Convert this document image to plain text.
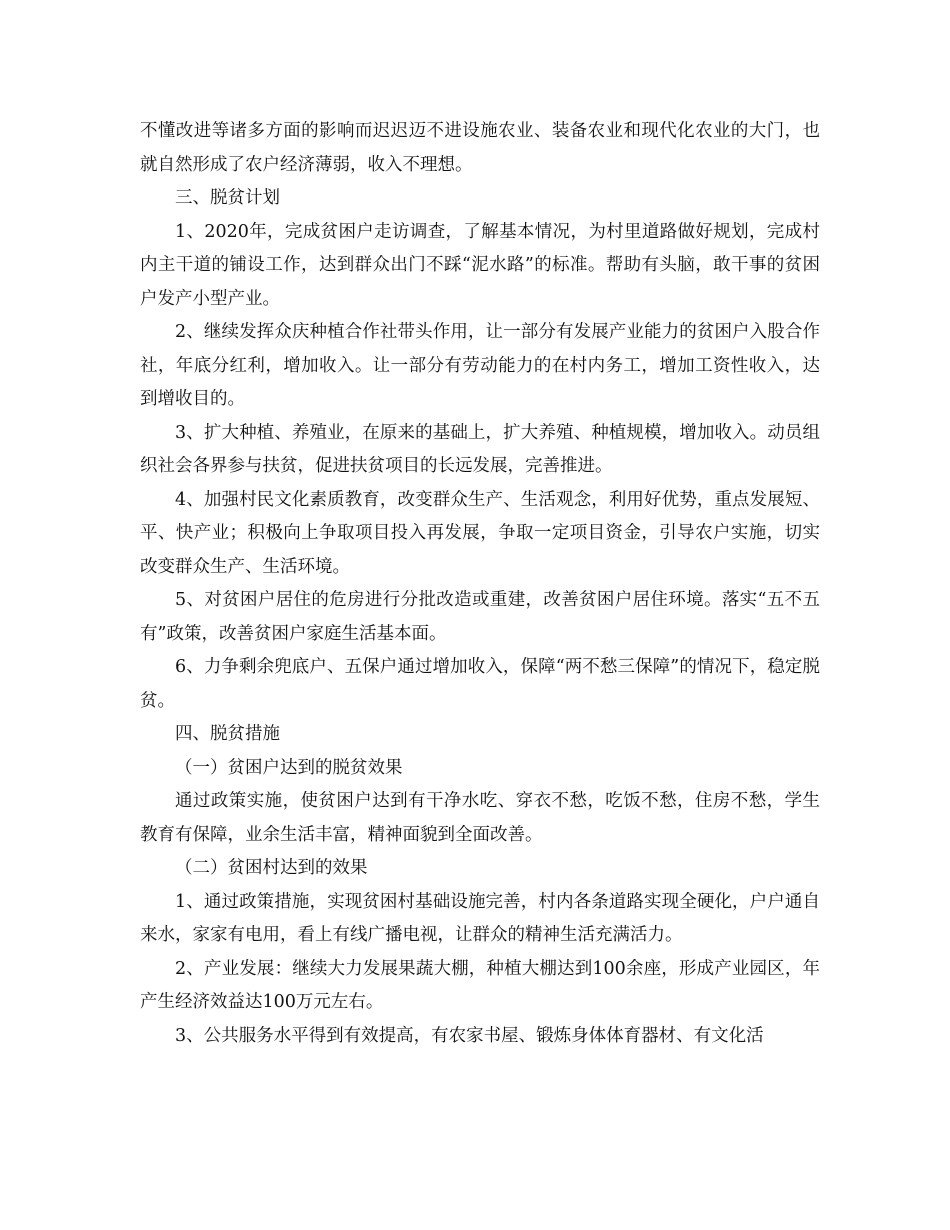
不懂改进等诸多方面的影响而迟迟迈不进设施农业、装备农业和现代化农业的大门，也就自然形成了农户经济薄弱，收入不理想。

三、脱贫计划

1、2020年，完成贫困户走访调查，了解基本情况，为村里道路做好规划，完成村内主干道的铺设工作，达到群众出门不踩“泥水路”的标准。帮助有头脑，敢干事的贫困户发产小型产业。

2、继续发挥众庆种植合作社带头作用，让一部分有发展产业能力的贫困户入股合作社，年底分红利，增加收入。让一部分有劳动能力的在村内务工，增加工资性收入，达到增收目的。

3、扩大种植、养殖业，在原来的基础上，扩大养殖、种植规模，增加收入。动员组织社会各界参与扶贫，促进扶贫项目的长远发展，完善推进。

4、加强村民文化素质教育，改变群众生产、生活观念，利用好优势，重点发展短、平、快产业；积极向上争取项目投入再发展，争取一定项目资金，引导农户实施，切实改变群众生产、生活环境。

5、对贫困户居住的危房进行分批改造或重建，改善贫困户居住环境。落实“五不五有”政策，改善贫困户家庭生活基本面。

6、力争剩余兜底户、五保户通过增加收入，保障“两不愁三保障”的情况下，稳定脱贫。

四、脱贫措施

（一）贫困户达到的脱贫效果

通过政策实施，使贫困户达到有干净水吃、穿衣不愁，吃饭不愁，住房不愁，学生教育有保障，业余生活丰富，精神面貌到全面改善。

（二）贫困村达到的效果

1、通过政策措施，实现贫困村基础设施完善，村内各条道路实现全硬化，户户通自来水，家家有电用，看上有线广播电视，让群众的精神生活充满活力。

2、产业发展：继续大力发展果蔬大棚，种植大棚达到100余座，形成产业园区，年产生经济效益达100万元左右。

3、公共服务水平得到有效提高，有农家书屋、锻炼身体体育器材、有文化活
